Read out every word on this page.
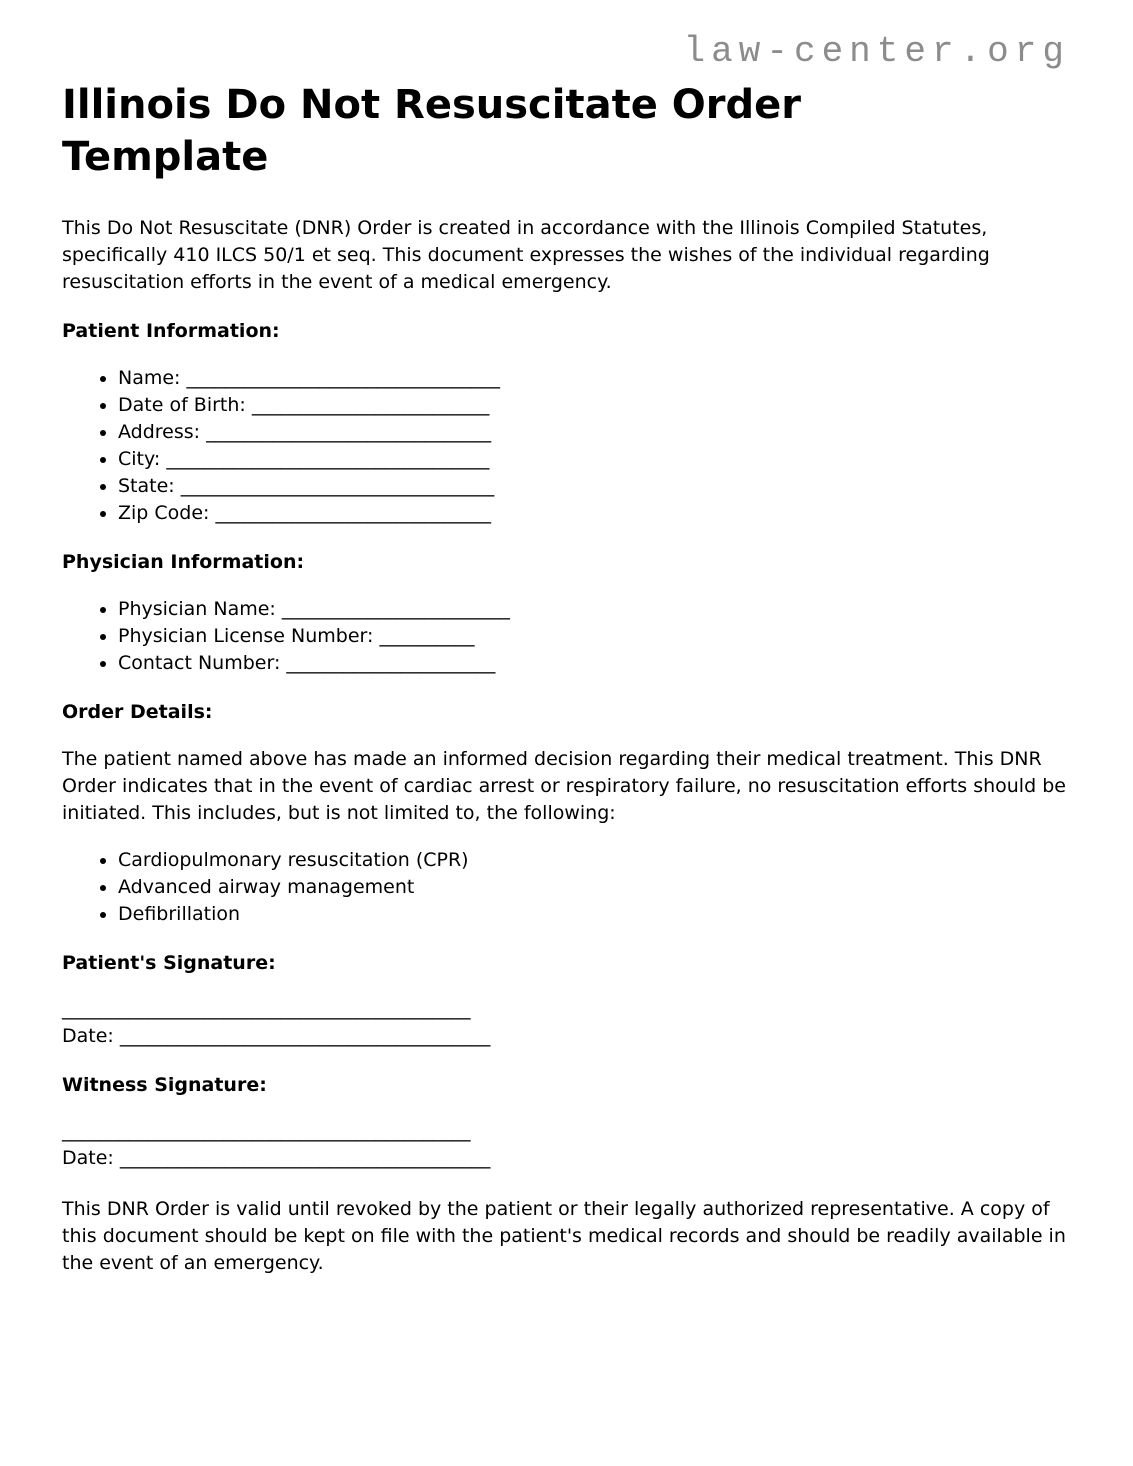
law-center.org
Illinois Do Not Resuscitate Order Template

This Do Not Resuscitate (DNR) Order is created in accordance with the Illinois Compiled Statutes, specifically 410 ILCS 50/1 et seq. This document expresses the wishes of the individual regarding resuscitation efforts in the event of a medical emergency.

Patient Information:
• Name: _________________________________
• Date of Birth: _________________________
• Address: ______________________________
• City: __________________________________
• State: _________________________________
• Zip Code: _____________________________
Physician Information:
• Physician Name: ________________________
• Physician License Number: __________
• Contact Number: ______________________
Order Details:

The patient named above has made an informed decision regarding their medical treatment. This DNR Order indicates that in the event of cardiac arrest or respiratory failure, no resuscitation efforts should be initiated. This includes, but is not limited to, the following:

• Cardiopulmonary resuscitation (CPR)
• Advanced airway management
• Defibrillation
Patient's Signature:

___________________________________________
Date: _______________________________________

Witness Signature:

___________________________________________
Date: _______________________________________

This DNR Order is valid until revoked by the patient or their legally authorized representative. A copy of this document should be kept on file with the patient's medical records and should be readily available in the event of an emergency.
